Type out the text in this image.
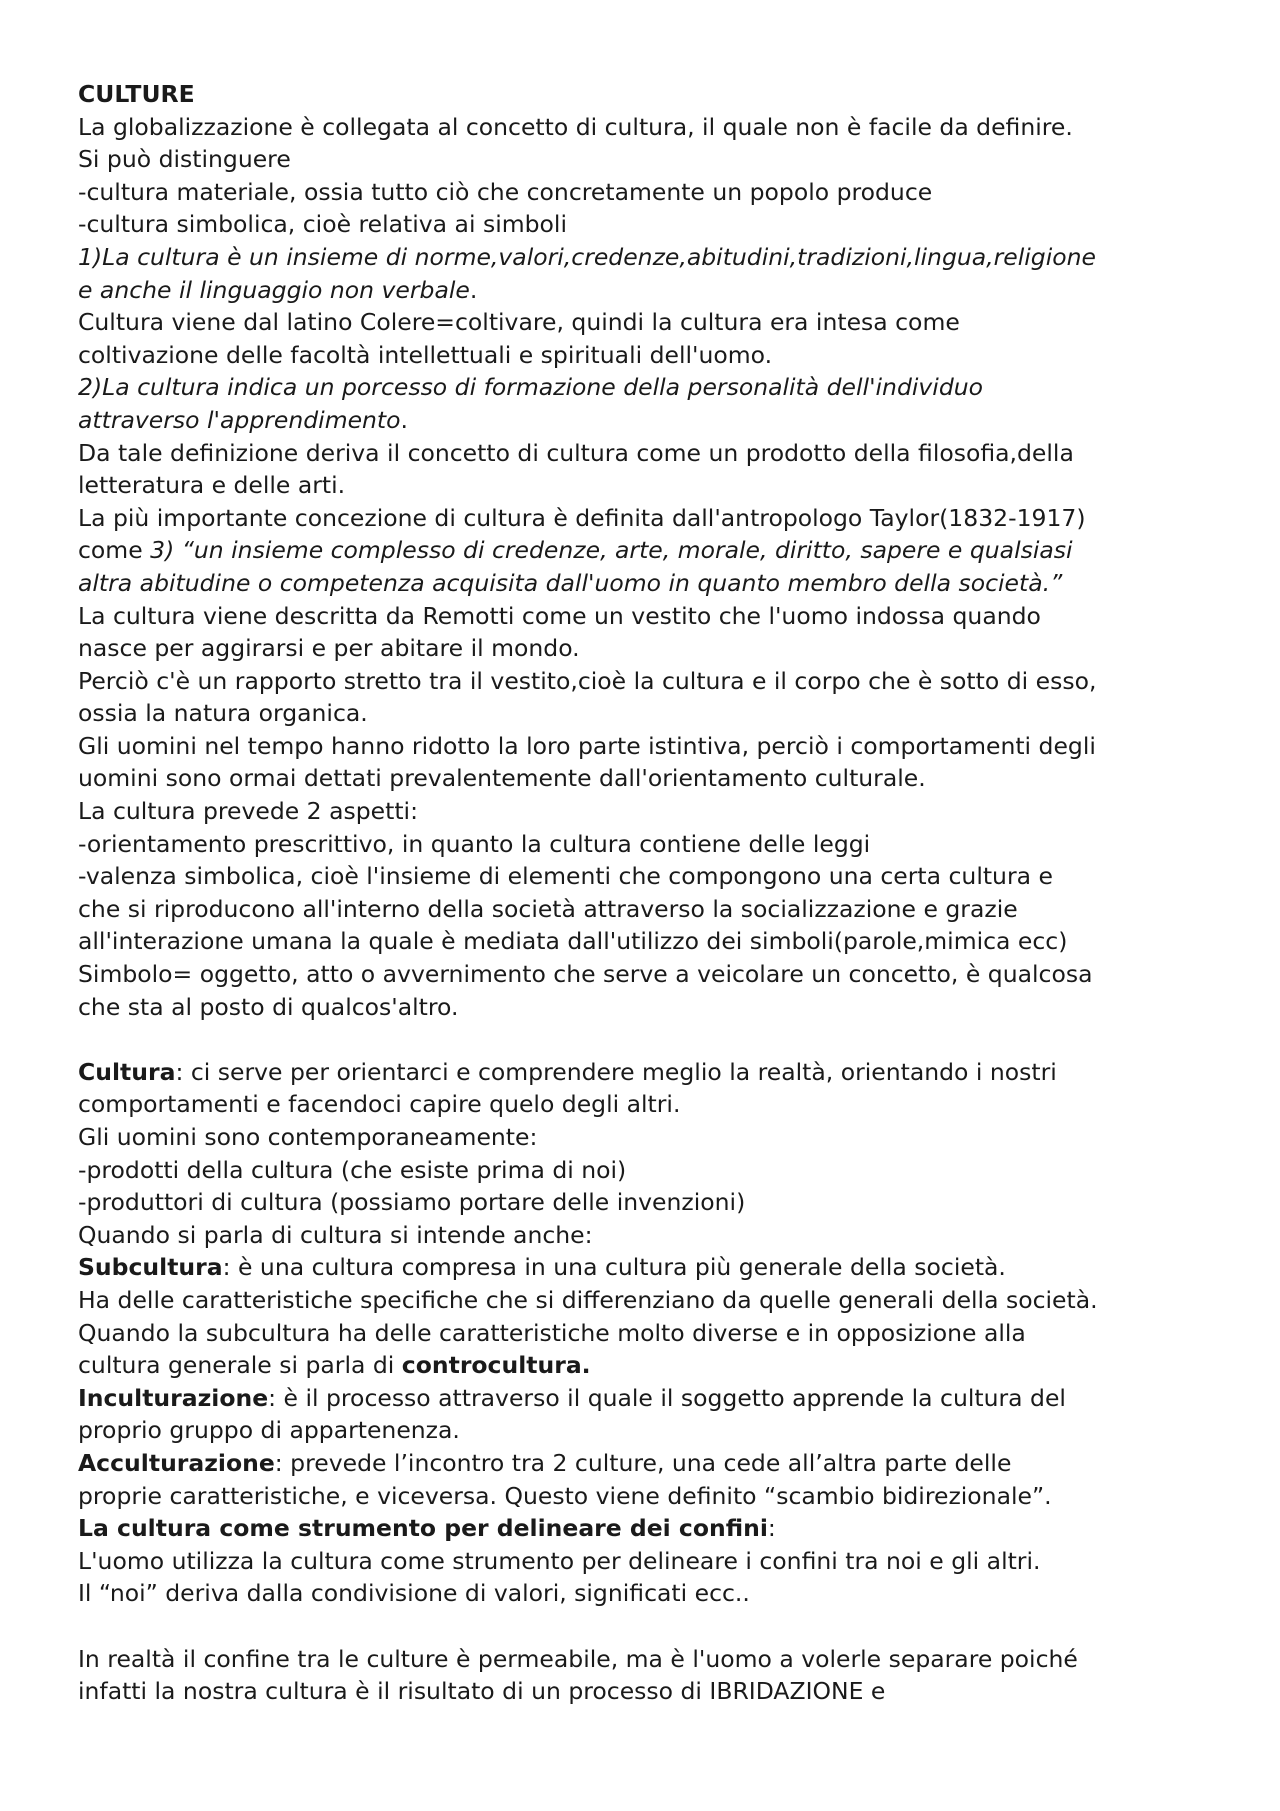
CULTURE
La globalizzazione è collegata al concetto di cultura, il quale non è facile da definire.
Si può distinguere
-cultura materiale, ossia tutto ciò che concretamente un popolo produce
-cultura simbolica, cioè relativa ai simboli
1)La cultura è un insieme di norme,valori,credenze,abitudini,tradizioni,lingua,religione
e anche il linguaggio non verbale.
Cultura viene dal latino Colere=coltivare, quindi la cultura era intesa come
coltivazione delle facoltà intellettuali e spirituali dell'uomo.
2)La cultura indica un porcesso di formazione della personalità dell'individuo
attraverso l'apprendimento.
Da tale definizione deriva il concetto di cultura come un prodotto della filosofia,della
letteratura e delle arti.
La più importante concezione di cultura è definita dall'antropologo Taylor(1832-1917)
come 3) “un insieme complesso di credenze, arte, morale, diritto, sapere e qualsiasi
altra abitudine o competenza acquisita dall'uomo in quanto membro della società.”
La cultura viene descritta da Remotti come un vestito che l'uomo indossa quando
nasce per aggirarsi e per abitare il mondo.
Perciò c'è un rapporto stretto tra il vestito,cioè la cultura e il corpo che è sotto di esso,
ossia la natura organica.
Gli uomini nel tempo hanno ridotto la loro parte istintiva, perciò i comportamenti degli
uomini sono ormai dettati prevalentemente dall'orientamento culturale.
La cultura prevede 2 aspetti:
-orientamento prescrittivo, in quanto la cultura contiene delle leggi
-valenza simbolica, cioè l'insieme di elementi che compongono una certa cultura e
che si riproducono all'interno della società attraverso la socializzazione e grazie
all'interazione umana la quale è mediata dall'utilizzo dei simboli(parole,mimica ecc)
Simbolo= oggetto, atto o avvernimento che serve a veicolare un concetto, è qualcosa
che sta al posto di qualcos'altro.
Cultura: ci serve per orientarci e comprendere meglio la realtà, orientando i nostri
comportamenti e facendoci capire quelo degli altri.
Gli uomini sono contemporaneamente:
-prodotti della cultura (che esiste prima di noi)
-produttori di cultura (possiamo portare delle invenzioni)
Quando si parla di cultura si intende anche:
Subcultura: è una cultura compresa in una cultura più generale della società.
Ha delle caratteristiche specifiche che si differenziano da quelle generali della società.
Quando la subcultura ha delle caratteristiche molto diverse e in opposizione alla
cultura generale si parla di controcultura.
Inculturazione: è il processo attraverso il quale il soggetto apprende la cultura del
proprio gruppo di appartenenza.
Acculturazione: prevede l’incontro tra 2 culture, una cede all’altra parte delle
proprie caratteristiche, e viceversa. Questo viene definito “scambio bidirezionale”.
La cultura come strumento per delineare dei confini:
L'uomo utilizza la cultura come strumento per delineare i confini tra noi e gli altri.
Il “noi” deriva dalla condivisione di valori, significati ecc..
In realtà il confine tra le culture è permeabile, ma è l'uomo a volerle separare poiché
infatti la nostra cultura è il risultato di un processo di IBRIDAZIONE e
